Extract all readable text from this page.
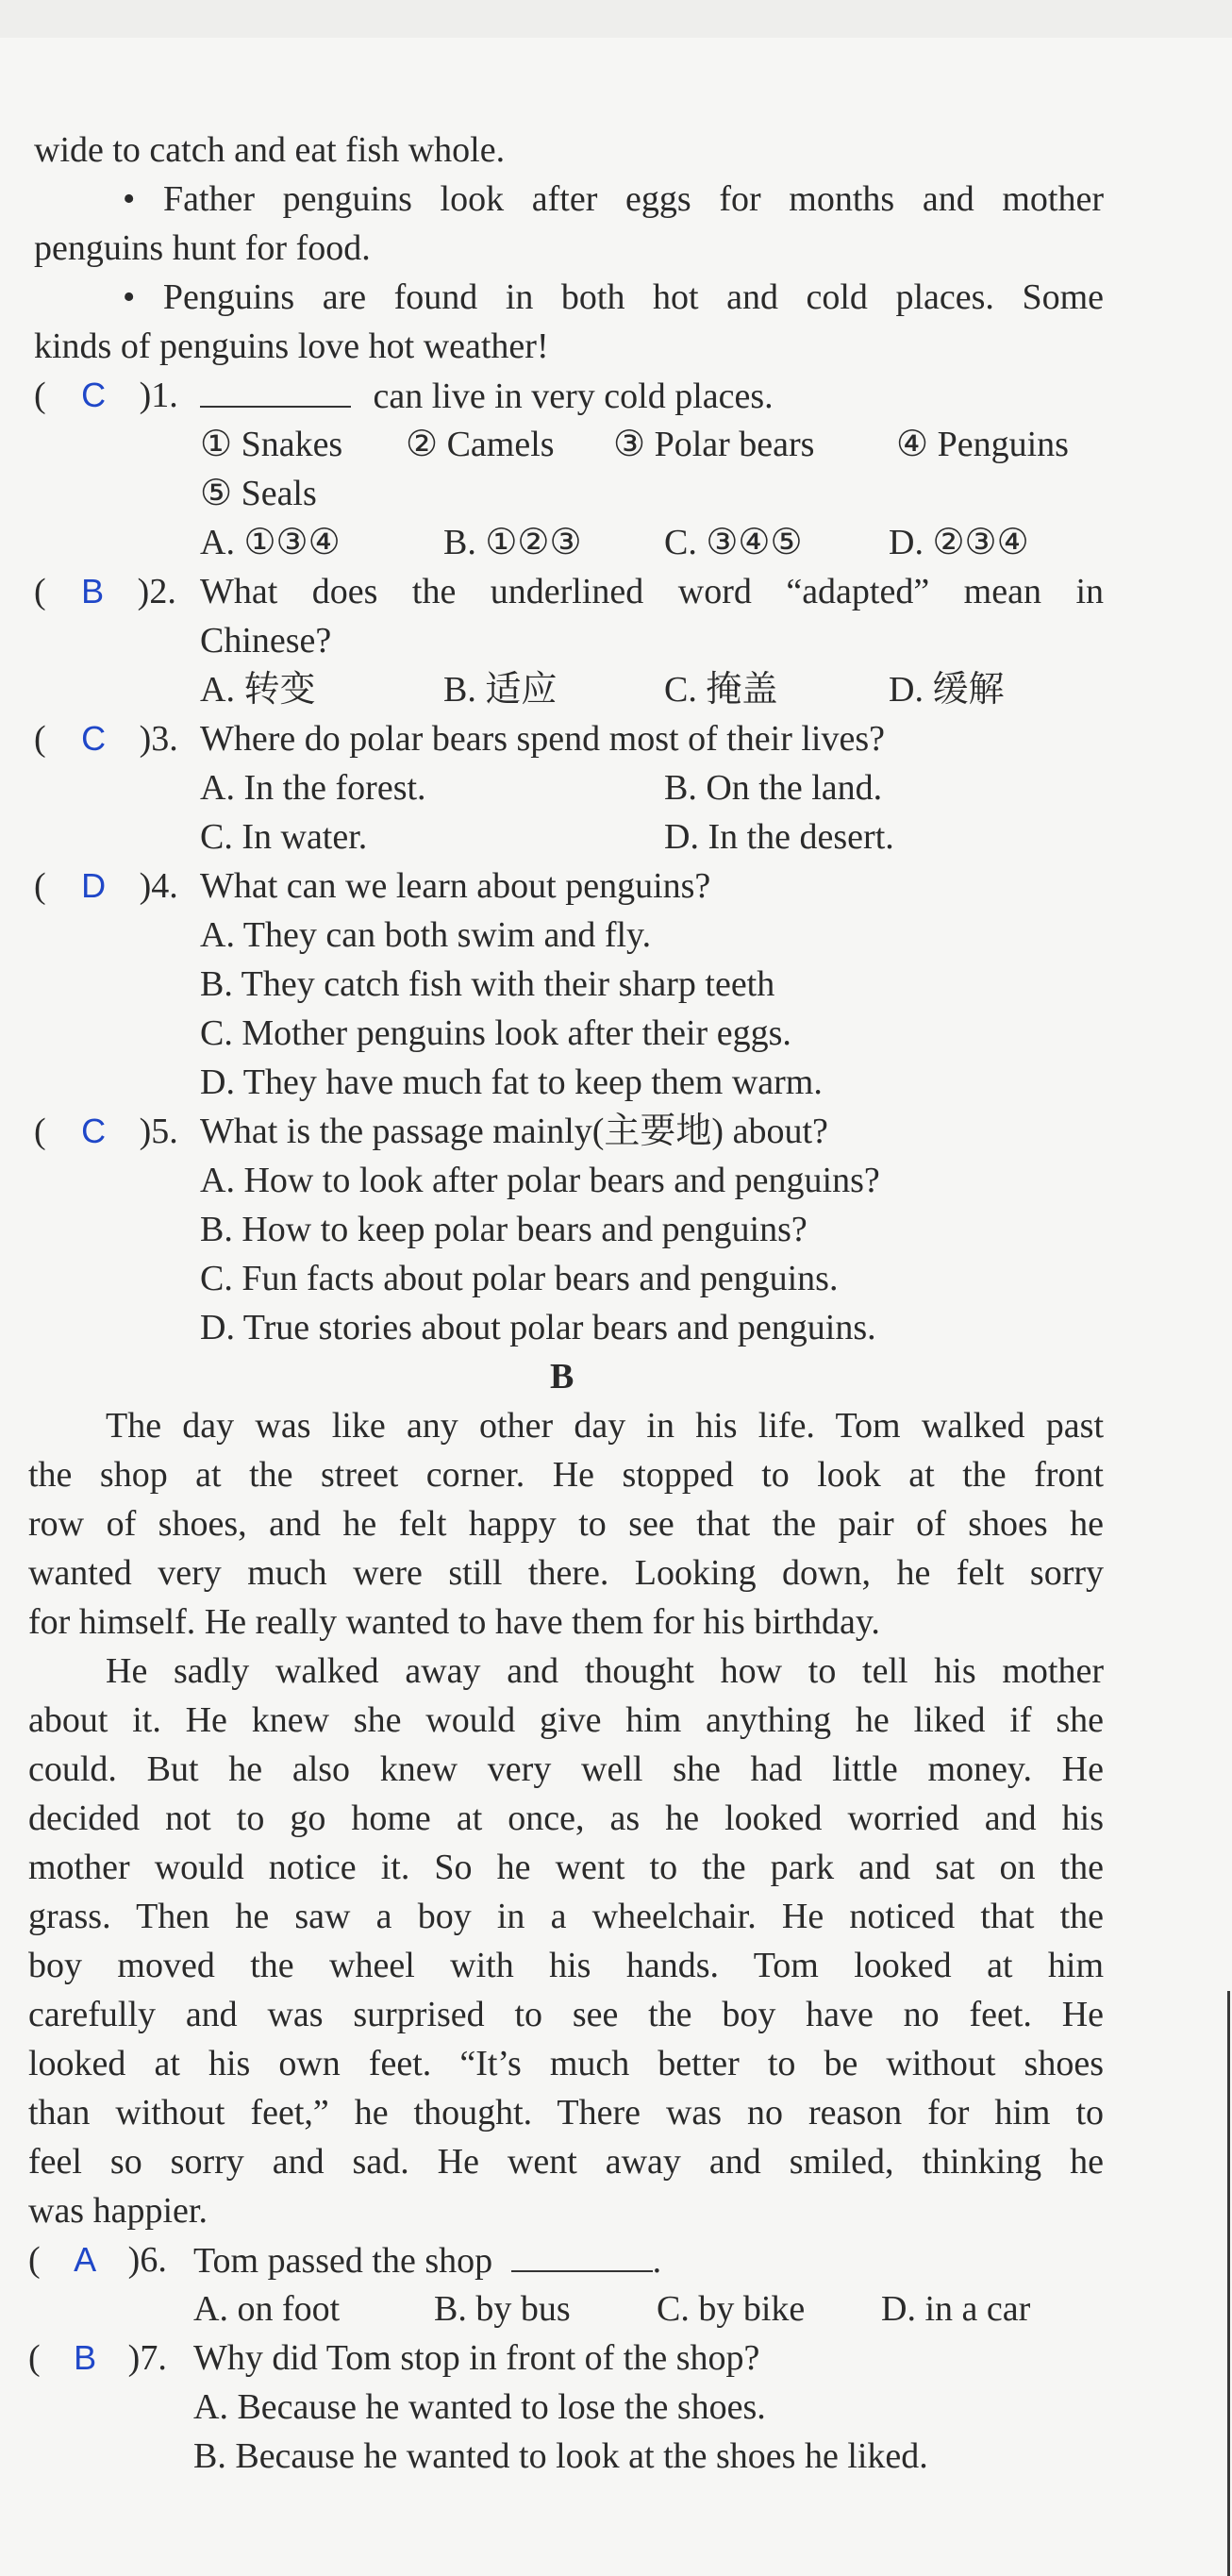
wide to catch and eat fish whole.
• Father penguins look after eggs for months and mother
penguins hunt for food.
• Penguins are found in both hot and cold places. Some
kinds of penguins love hot weather!
( C )1.	can live in very cold places.
① Snakes ② Camels ③ Polar bears ④ Penguins
⑤ Seals
A. ①③④	B. ①②③ C. ③④⑤ D. ②③④
( B )2. What does the underlined word “adapted” mean in
Chinese?
A. 转变	B. 适应	C. 掩盖	D. 缓解
( C )3. Where do polar bears spend most of their lives?
A. In the forest.	B. On the land.
C. In water.	D. In the desert.
( D )4. What can we learn about penguins?
A. They can both swim and fly.
B. They catch fish with their sharp teeth
C. Mother penguins look after their eggs.
D. They have much fat to keep them warm.
( C )5. What is the passage mainly(主要地) about?
A. How to look after polar bears and penguins?
B. How to keep polar bears and penguins?
C. Fun facts about polar bears and penguins.
D. True stories about polar bears and penguins.
B
The day was like any other day in his life. Tom walked past
the shop at the street corner. He stopped to look at the front
row of shoes, and he felt happy to see that the pair of shoes he
wanted very much were still there. Looking down, he felt sorry
for himself. He really wanted to have them for his birthday.
He sadly walked away and thought how to tell his mother
about it. He knew she would give him anything he liked if she
could. But he also knew very well she had little money. He
decided not to go home at once, as he looked worried and his
mother would notice it. So he went to the park and sat on the
grass. Then he saw a boy in a wheelchair. He noticed that the
boy moved the wheel with his hands. Tom looked at him
carefully and was surprised to see the boy have no feet. He
looked at his own feet. “It’s much better to be without shoes
than without feet,” he thought. There was no reason for him to
feel so sorry and sad. He went away and smiled, thinking he
was happier.
( A )6. Tom passed the shop	.
A. on foot	B. by bus C. by bike D. in a car
( B )7. Why did Tom stop in front of the shop?
A. Because he wanted to lose the shoes.
B. Because he wanted to look at the shoes he liked.
